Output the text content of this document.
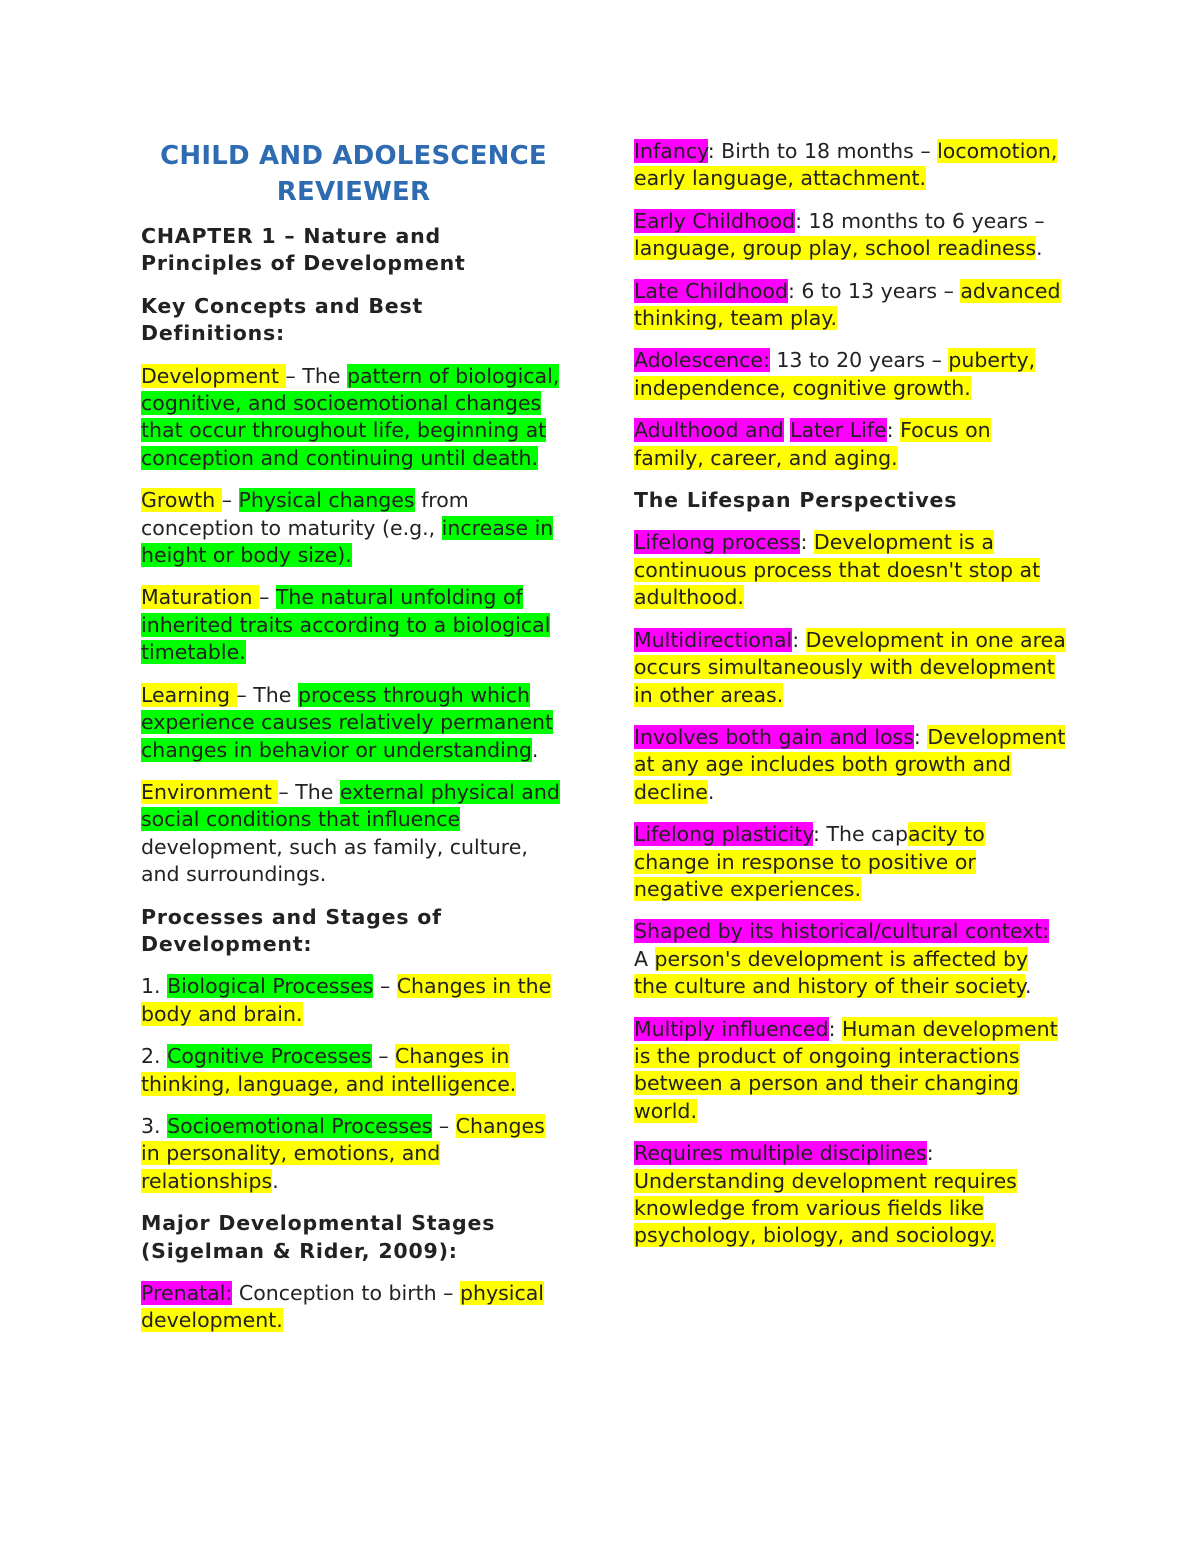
CHILD AND ADOLESCENCE REVIEWER
CHAPTER 1 – Nature and Principles of Development
Key Concepts and Best Definitions:
Development – The pattern of biological, cognitive, and socioemotional changes that occur throughout life, beginning at conception and continuing until death.
Growth – Physical changes from conception to maturity (e.g., increase in height or body size).
Maturation – The natural unfolding of inherited traits according to a biological timetable.
Learning – The process through which experience causes relatively permanent changes in behavior or understanding.
Environment – The external physical and social conditions that influence development, such as family, culture, and surroundings.
Processes and Stages of Development:
1. Biological Processes – Changes in the body and brain.
2. Cognitive Processes – Changes in thinking, language, and intelligence.
3. Socioemotional Processes – Changes in personality, emotions, and relationships.
Major Developmental Stages (Sigelman & Rider, 2009):
Prenatal: Conception to birth – physical development.
Infancy: Birth to 18 months – locomotion, early language, attachment.
Early Childhood: 18 months to 6 years – language, group play, school readiness.
Late Childhood: 6 to 13 years – advanced thinking, team play.
Adolescence: 13 to 20 years – puberty, independence, cognitive growth.
Adulthood and Later Life: Focus on family, career, and aging.
The Lifespan Perspectives
Lifelong process: Development is a continuous process that doesn't stop at adulthood.
Multidirectional: Development in one area occurs simultaneously with development in other areas.
Involves both gain and loss: Development at any age includes both growth and decline.
Lifelong plasticity: The capacity to change in response to positive or negative experiences.
Shaped by its historical/cultural context: A person's development is affected by the culture and history of their society.
Multiply influenced: Human development is the product of ongoing interactions between a person and their changing world.
Requires multiple disciplines: Understanding development requires knowledge from various fields like psychology, biology, and sociology.
